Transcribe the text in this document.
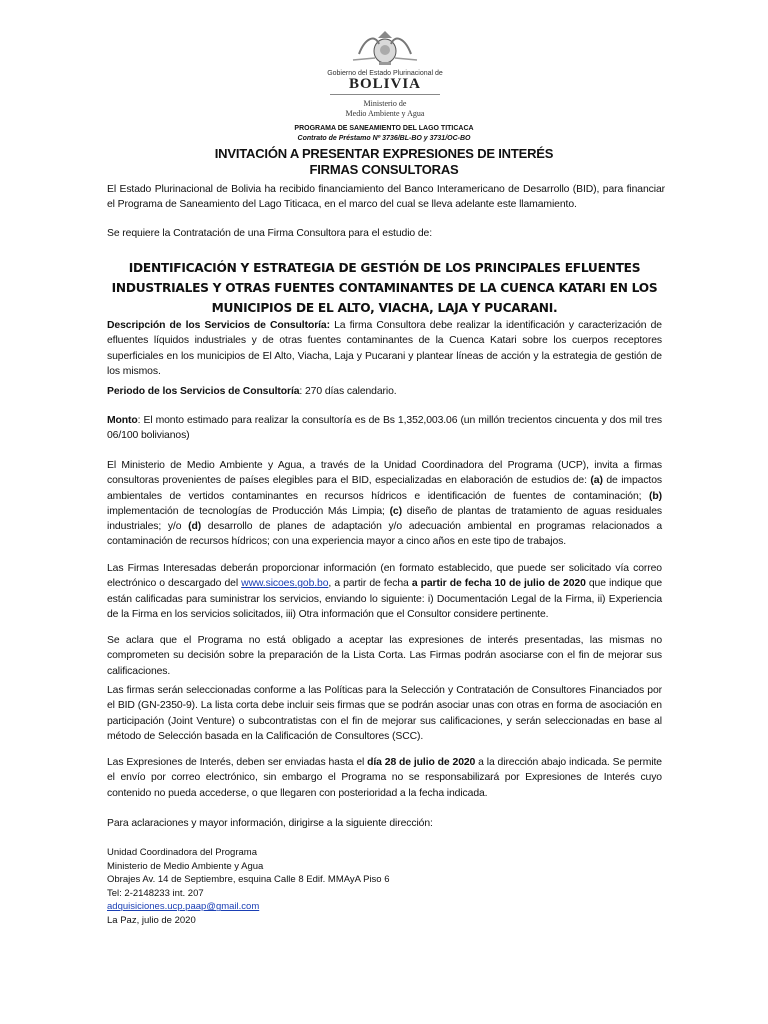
Gobierno del Estado Plurinacional de
BOLIVIA
Ministerio de
Medio Ambiente y Agua
PROGRAMA DE SANEAMIENTO DEL LAGO TITICACA
Contrato de Préstamo Nº 3736/BL-BO y 3731/OC-BO
INVITACIÓN A PRESENTAR EXPRESIONES DE INTERÉS
FIRMAS CONSULTORAS
El Estado Plurinacional de Bolivia ha recibido financiamiento del Banco Interamericano de Desarrollo (BID), para financiar el Programa de Saneamiento del Lago Titicaca, en el marco del cual se lleva adelante este llamamiento.
Se requiere la Contratación de una Firma Consultora para el estudio de:
IDENTIFICACIÓN Y ESTRATEGIA DE GESTIÓN DE LOS PRINCIPALES EFLUENTES INDUSTRIALES Y OTRAS FUENTES CONTAMINANTES DE LA CUENCA KATARI EN LOS MUNICIPIOS DE EL ALTO, VIACHA, LAJA Y PUCARANI.
Descripción de los Servicios de Consultoría: La firma Consultora debe realizar la identificación y caracterización de efluentes líquidos industriales y de otras fuentes contaminantes de la Cuenca Katari sobre los cuerpos receptores superficiales en los municipios de El Alto, Viacha, Laja y Pucarani y plantear líneas de acción y la estrategia de gestión de los mismos.
Periodo de los Servicios de Consultoría: 270 días calendario.
Monto: El monto estimado para realizar la consultoría es de Bs 1,352,003.06 (un millón trecientos cincuenta y dos mil tres 06/100 bolivianos)
El Ministerio de Medio Ambiente y Agua, a través de la Unidad Coordinadora del Programa (UCP), invita a firmas consultoras provenientes de países elegibles para el BID, especializadas en elaboración de estudios de: (a) de impactos ambientales de vertidos contaminantes en recursos hídricos e identificación de fuentes de contaminación; (b) implementación de tecnologías de Producción Más Limpia; (c) diseño de plantas de tratamiento de aguas residuales industriales; y/o (d) desarrollo de planes de adaptación y/o adecuación ambiental en programas relacionados a contaminación de recursos hídricos; con una experiencia mayor a cinco años en este tipo de trabajos.
Las Firmas Interesadas deberán proporcionar información (en formato establecido, que puede ser solicitado vía correo electrónico o descargado del www.sicoes.gob.bo, a partir de fecha a partir de fecha 10 de julio de 2020 que indique que están calificadas para suministrar los servicios, enviando lo siguiente: i) Documentación Legal de la Firma, ii) Experiencia de la Firma en los servicios solicitados, iii) Otra información que el Consultor considere pertinente.
Se aclara que el Programa no está obligado a aceptar las expresiones de interés presentadas, las mismas no comprometen su decisión sobre la preparación de la Lista Corta. Las Firmas podrán asociarse con el fin de mejorar sus calificaciones.
Las firmas serán seleccionadas conforme a las Políticas para la Selección y Contratación de Consultores Financiados por el BID (GN-2350-9). La lista corta debe incluir seis firmas que se podrán asociar unas con otras en forma de asociación en participación (Joint Venture) o subcontratistas con el fin de mejorar sus calificaciones, y serán seleccionadas en base al método de Selección basada en la Calificación de Consultores (SCC).
Las Expresiones de Interés, deben ser enviadas hasta el día 28 de julio de 2020 a la dirección abajo indicada. Se permite el envío por correo electrónico, sin embargo el Programa no se responsabilizará por Expresiones de Interés cuyo contenido no pueda accederse, o que llegaren con posterioridad a la fecha indicada.
Para aclaraciones y mayor información, dirigirse a la siguiente dirección:
Unidad Coordinadora del Programa
Ministerio de Medio Ambiente y Agua
Obrajes Av. 14 de Septiembre, esquina Calle 8 Edif. MMAyA Piso 6
Tel: 2-2148233 int. 207
adquisiciones.ucp.paap@gmail.com
La Paz, julio de 2020
